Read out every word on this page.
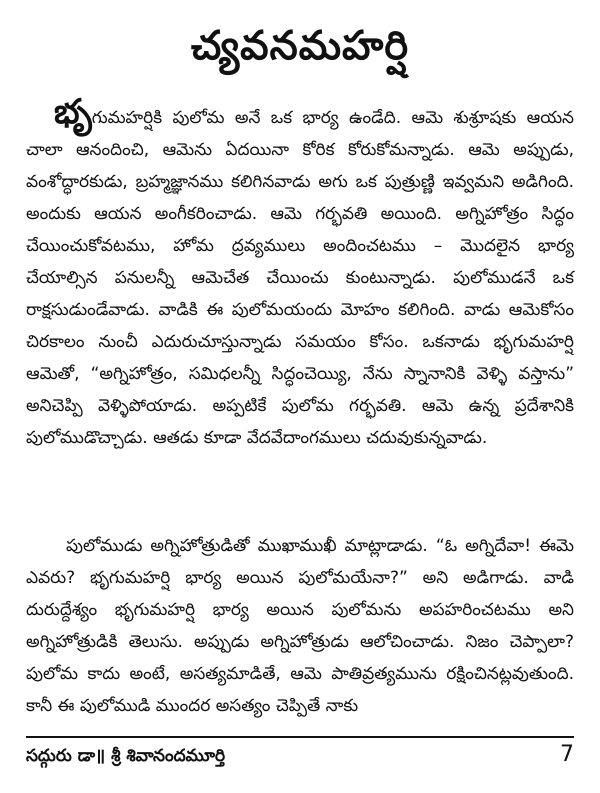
చ్యవనమహర్షి
భృగుమహర్షికి పులోమ అనే ఒక భార్య ఉండేది. ఆమె శుశ్రూషకు ఆయన చాలా ఆనందించి, ఆమెను ఏదయినా కోరిక కోరుకోమన్నాడు. ఆమె అప్పుడు, వంశోద్ధారకుడు, బ్రహ్మజ్ఞానము కలిగినవాడు అగు ఒక పుత్రుణ్ణి ఇవ్వమని అడిగింది. అందుకు ఆయన అంగీకరించాడు. ఆమె గర్భవతి అయింది. అగ్నిహోత్రం సిద్ధం చేయించుకోవటము, హోమ ద్రవ్యములు అందించటము – మొదలైన భార్య చేయాల్సిన పనులన్నీ ఆమెచేత చేయించు కుంటున్నాడు. పులోముడనే ఒక రాక్షసుడుండేవాడు. వాడికి ఈ పులోమయందు మోహం కలిగింది. వాడు ఆమెకోసం చిరకాలం నుంచీ ఎదురుచూస్తున్నాడు సమయం కోసం. ఒకనాడు భృగుమహర్షి ఆమెతో, “అగ్నిహోత్రం, సమిధలన్నీ సిద్ధంచెయ్యి, నేను స్నానానికి వెళ్ళి వస్తాను” అనిచెప్పి వెళ్ళిపోయాడు. అప్పటికే పులోమ గర్భవతి. ఆమె ఉన్న ప్రదేశానికి పులోముడొచ్చాడు. ఆతడు కూడా వేదవేదాంగములు చదువుకున్నవాడు.
పులోముడు అగ్నిహోత్రుడితో ముఖాముఖీ మాట్లాడాడు. “ఓ అగ్నిదేవా! ఈమె ఎవరు? భృగుమహర్షి భార్య అయిన పులోమయేనా?” అని అడిగాడు. వాడి దురుద్దేశ్యం భృగుమహర్షి భార్య అయిన పులోమను అపహరించటము అని అగ్నిహోత్రుడికి తెలుసు. అప్పుడు అగ్నిహోత్రుడు ఆలోచించాడు. నిజం చెప్పాలా? పులోమ కాదు అంటే, అసత్యమాడితే, ఆమె పాతివ్రత్యమును రక్షించినట్లవుతుంది. కానీ ఈ పులోముడి ముందర అసత్యం చెప్పితే నాకు
సద్గురు డా॥ శ్రీ శివానందమూర్తి	7
